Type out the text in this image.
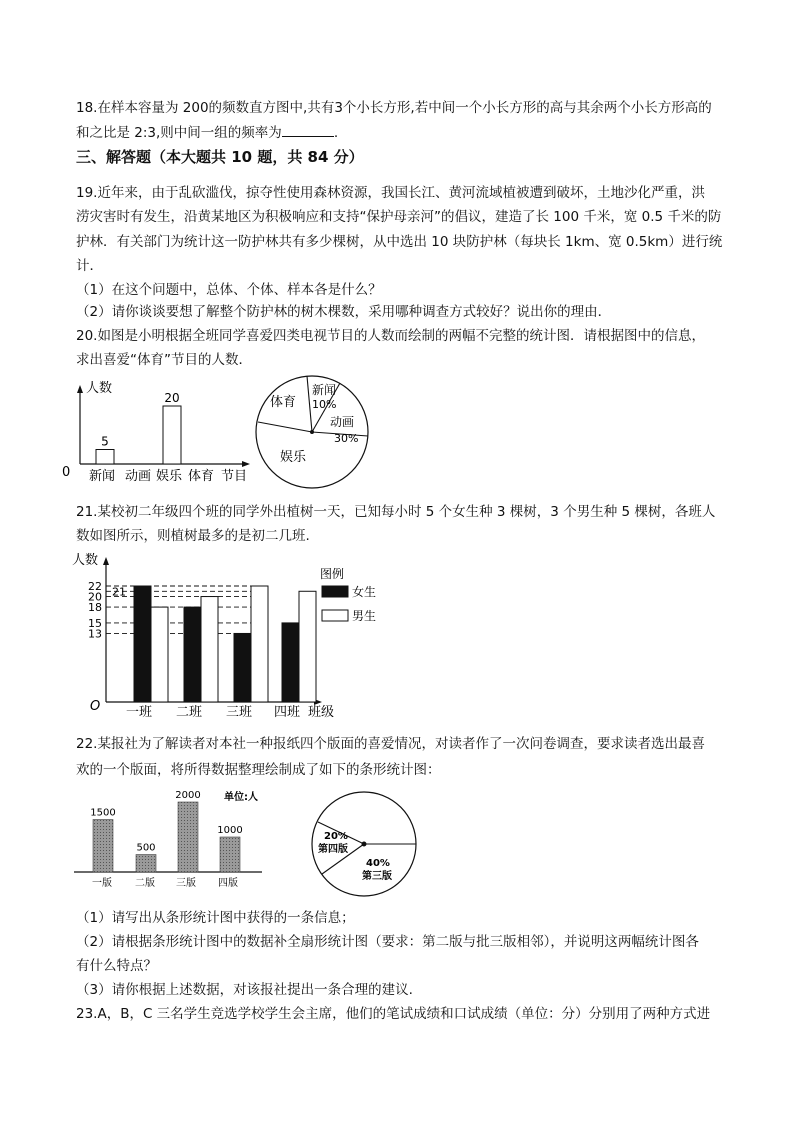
18.在样本容量为 200的频数直方图中,共有3个小长方形,若中间一个小长方形的高与其余两个小长方形高的

和之比是 2:3,则中间一组的频率为	.

三、解答题（本大题共 10 题，共 84 分）

19.近年来，由于乱砍滥伐，掠夺性使用森林资源，我国长江、黄河流域植被遭到破坏，土地沙化严重，洪

涝灾害时有发生，沿黄某地区为积极响应和支持“保护母亲河”的倡议，建造了长 100 千米，宽 0.5 千米的防

护林．有关部门为统计这一防护林共有多少棵树，从中选出 10 块防护林（每块长 1km、宽 0.5km）进行统

计．

（1）在这个问题中，总体、个体、样本各是什么？

（2）请你谈谈要想了解整个防护林的树木棵数，采用哪种调查方式较好？说出你的理由．

20.如图是小明根据全班同学喜爱四类电视节目的人数而绘制的两幅不完整的统计图．请根据图中的信息，

求出喜爱“体育”节目的人数．

人数
0
5
20
新闻 动画 娱乐 体育 节目
新闻
10%
动画
30%
娱乐
体育

21.某校初二年级四个班的同学外出植树一天，已知每小时 5 个女生种 3 棵树，3 个男生种 5 棵树，各班人

数如图所示，则植树最多的是初二几班.

人数
O
22 21
20
18
15
13
一班 二班 三班 四班 班级
图例
女生
男生

22.某报社为了解读者对本社一种报纸四个版面的喜爱情况，对读者作了一次问卷调查，要求读者选出最喜

欢的一个版面，将所得数据整理绘制成了如下的条形统计图：

单位:人
1500
500
2000
1000
一版 二版 三版 四版
20%
第四版
40%
第三版

（1）请写出从条形统计图中获得的一条信息；

（2）请根据条形统计图中的数据补全扇形统计图（要求：第二版与批三版相邻），并说明这两幅统计图各

有什么特点？

（3）请你根据上述数据，对该报社提出一条合理的建议.

23.A，B，C 三名学生竞选学校学生会主席，他们的笔试成绩和口试成绩（单位：分）分别用了两种方式进
